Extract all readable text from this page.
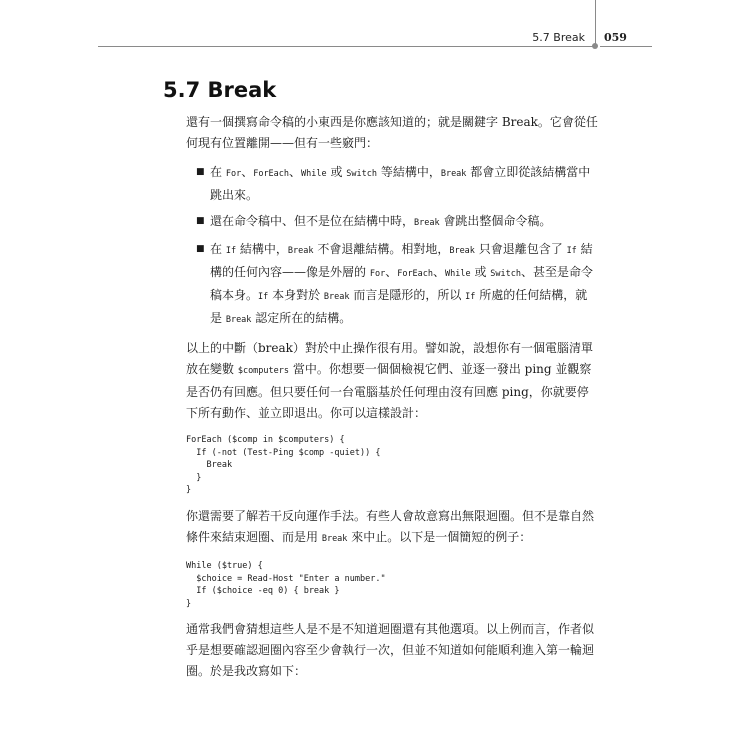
5.7 Break 059
5.7 Break

還有一個撰寫命令稿的小東西是你應該知道的；就是關鍵字 Break。它會從任何現有位置離開——但有一些竅門：

■ 在 For、ForEach、While 或 Switch 等結構中，Break 都會立即從該結構當中跳出來。
■ 還在命令稿中、但不是位在結構中時，Break 會跳出整個命令稿。
■ 在 If 結構中，Break 不會退離結構。相對地，Break 只會退離包含了 If 結構的任何內容——像是外層的 For、ForEach、While 或 Switch、甚至是命令稿本身。If 本身對於 Break 而言是隱形的，所以 If 所處的任何結構，就是 Break 認定所在的結構。

以上的中斷（break）對於中止操作很有用。譬如說，設想你有一個電腦清單放在變數 $computers 當中。你想要一個個檢視它們、並逐一發出 ping 並觀察是否仍有回應。但只要任何一台電腦基於任何理由沒有回應 ping，你就要停下所有動作、並立即退出。你可以這樣設計：

ForEach ($comp in $computers) {
If (-not (Test-Ping $comp -quiet)) {
Break
}
}

你還需要了解若干反向運作手法。有些人會故意寫出無限迴圈。但不是靠自然條件來結束迴圈、而是用 Break 來中止。以下是一個簡短的例子：

While ($true) {
$choice = Read-Host "Enter a number."
If ($choice -eq 0) { break }
}

通常我們會猜想這些人是不是不知道迴圈還有其他選項。以上例而言，作者似乎是想要確認迴圈內容至少會執行一次，但並不知道如何能順利進入第一輪迴圈。於是我改寫如下：
